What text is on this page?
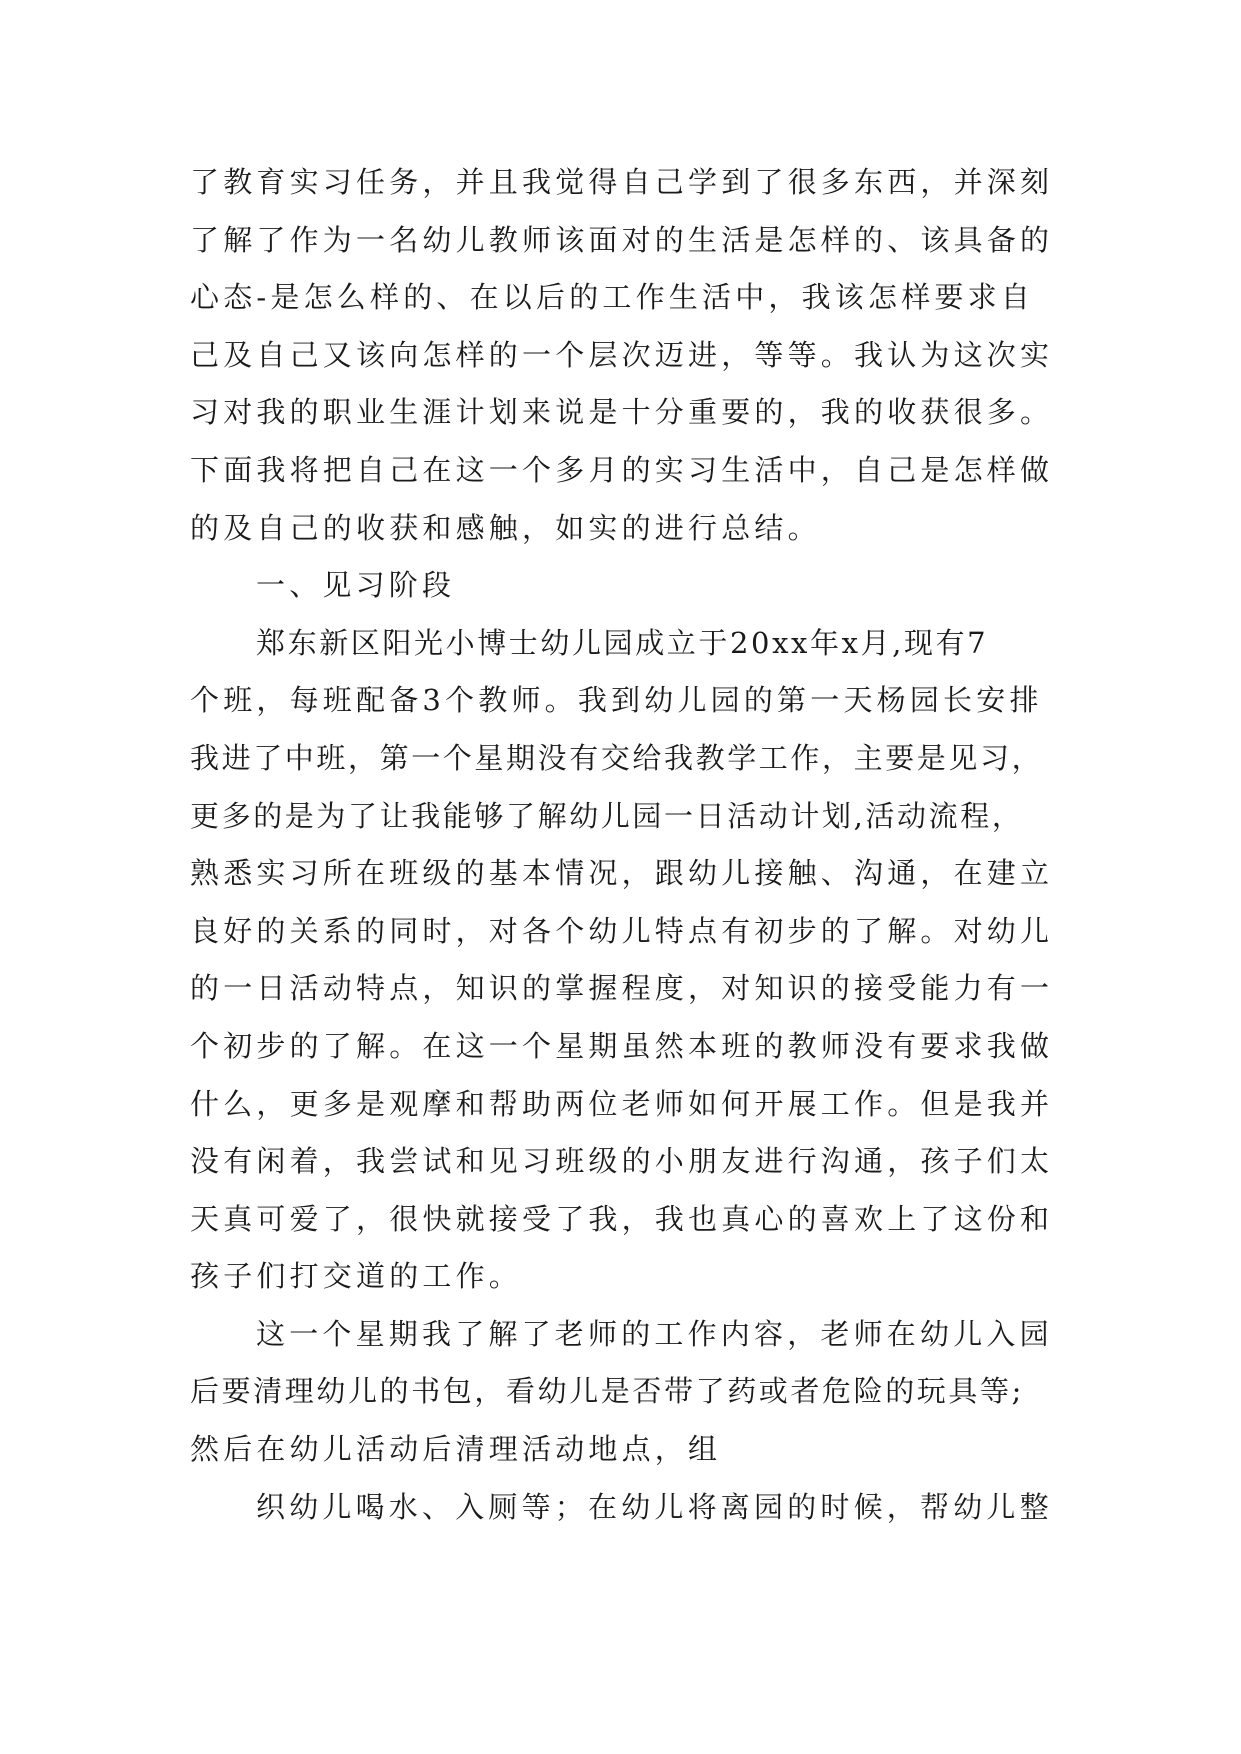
了教育实习任务，并且我觉得自己学到了很多东西，并深刻
了解了作为一名幼儿教师该面对的生活是怎样的、该具备的
心态-是怎么样的、在以后的工作生活中，我该怎样要求自
己及自己又该向怎样的一个层次迈进，等等。我认为这次实
习对我的职业生涯计划来说是十分重要的，我的收获很多。
下面我将把自己在这一个多月的实习生活中，自己是怎样做
的及自己的收获和感触，如实的进行总结。
一、见习阶段
郑东新区阳光小博士幼儿园成立于20xx年x月,现有7
个班，每班配备3个教师。我到幼儿园的第一天杨园长安排
我进了中班，第一个星期没有交给我教学工作，主要是见习，
更多的是为了让我能够了解幼儿园一日活动计划,活动流程，
熟悉实习所在班级的基本情况，跟幼儿接触、沟通，在建立
良好的关系的同时，对各个幼儿特点有初步的了解。对幼儿
的一日活动特点，知识的掌握程度，对知识的接受能力有一
个初步的了解。在这一个星期虽然本班的教师没有要求我做
什么，更多是观摩和帮助两位老师如何开展工作。但是我并
没有闲着，我尝试和见习班级的小朋友进行沟通，孩子们太
天真可爱了，很快就接受了我，我也真心的喜欢上了这份和
孩子们打交道的工作。
这一个星期我了解了老师的工作内容，老师在幼儿入园
后要清理幼儿的书包，看幼儿是否带了药或者危险的玩具等;
然后在幼儿活动后清理活动地点，组
织幼儿喝水、入厕等；在幼儿将离园的时候，帮幼儿整
